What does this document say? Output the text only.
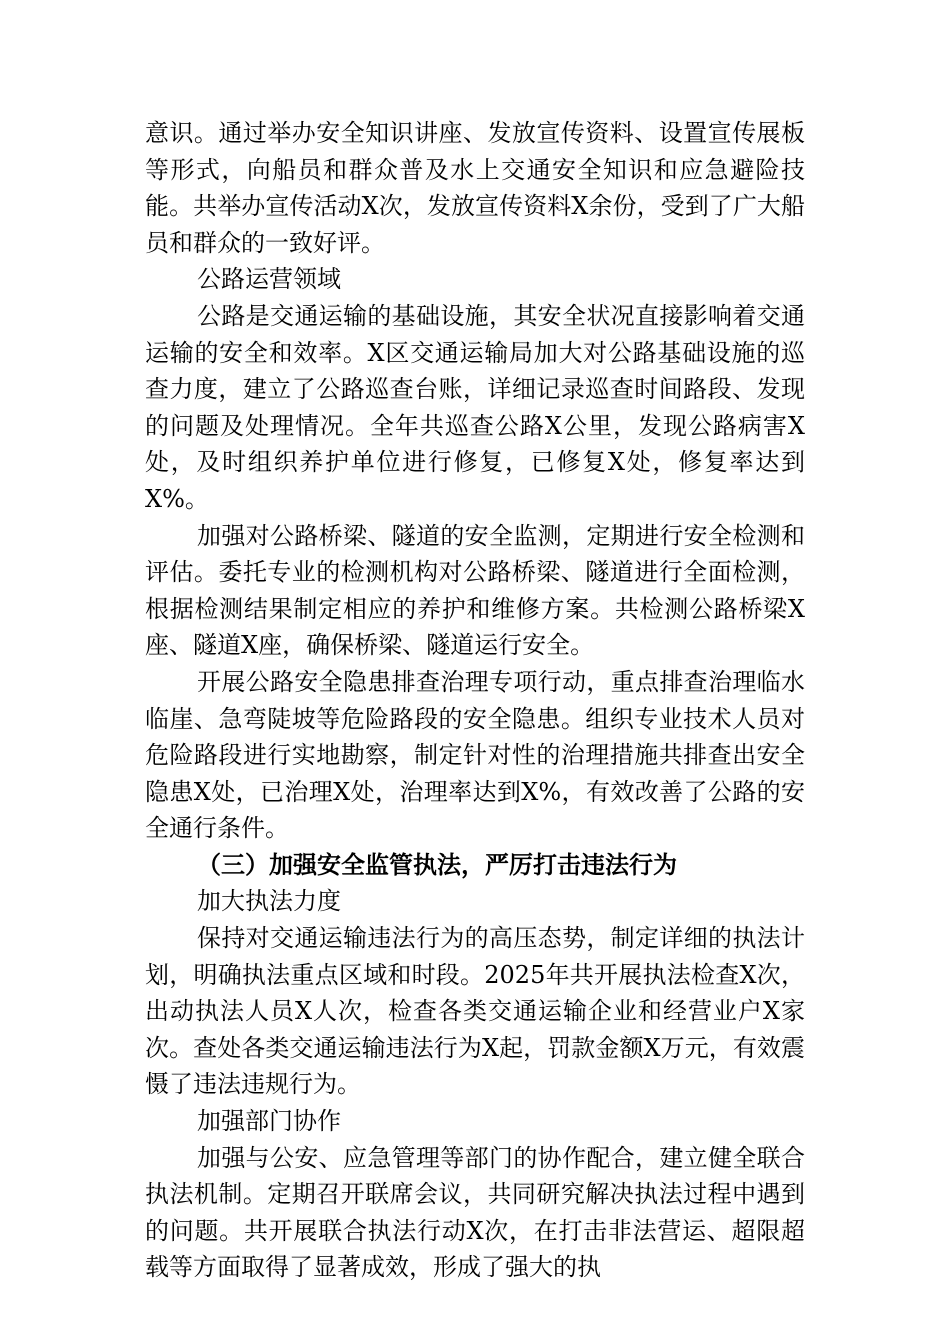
意识。通过举办安全知识讲座、发放宣传资料、设置宣传展板等形式，向船员和群众普及水上交通安全知识和应急避险技能。共举办宣传活动X次，发放宣传资料X余份，受到了广大船员和群众的一致好评。

公路运营领域

公路是交通运输的基础设施，其安全状况直接影响着交通运输的安全和效率。X区交通运输局加大对公路基础设施的巡查力度，建立了公路巡查台账，详细记录巡查时间路段、发现的问题及处理情况。全年共巡查公路X公里，发现公路病害X处，及时组织养护单位进行修复，已修复X处，修复率达到X%。

加强对公路桥梁、隧道的安全监测，定期进行安全检测和评估。委托专业的检测机构对公路桥梁、隧道进行全面检测，根据检测结果制定相应的养护和维修方案。共检测公路桥梁X座、隧道X座，确保桥梁、隧道运行安全。

开展公路安全隐患排查治理专项行动，重点排查治理临水临崖、急弯陡坡等危险路段的安全隐患。组织专业技术人员对危险路段进行实地勘察，制定针对性的治理措施共排查出安全隐患X处，已治理X处，治理率达到X%，有效改善了公路的安全通行条件。

（三）加强安全监管执法，严厉打击违法行为

加大执法力度

保持对交通运输违法行为的高压态势，制定详细的执法计划，明确执法重点区域和时段。2025年共开展执法检查X次，出动执法人员X人次，检查各类交通运输企业和经营业户X家次。查处各类交通运输违法行为X起，罚款金额X万元，有效震慑了违法违规行为。

加强部门协作

加强与公安、应急管理等部门的协作配合，建立健全联合执法机制。定期召开联席会议，共同研究解决执法过程中遇到的问题。共开展联合执法行动X次，在打击非法营运、超限超载等方面取得了显著成效，形成了强大的执
